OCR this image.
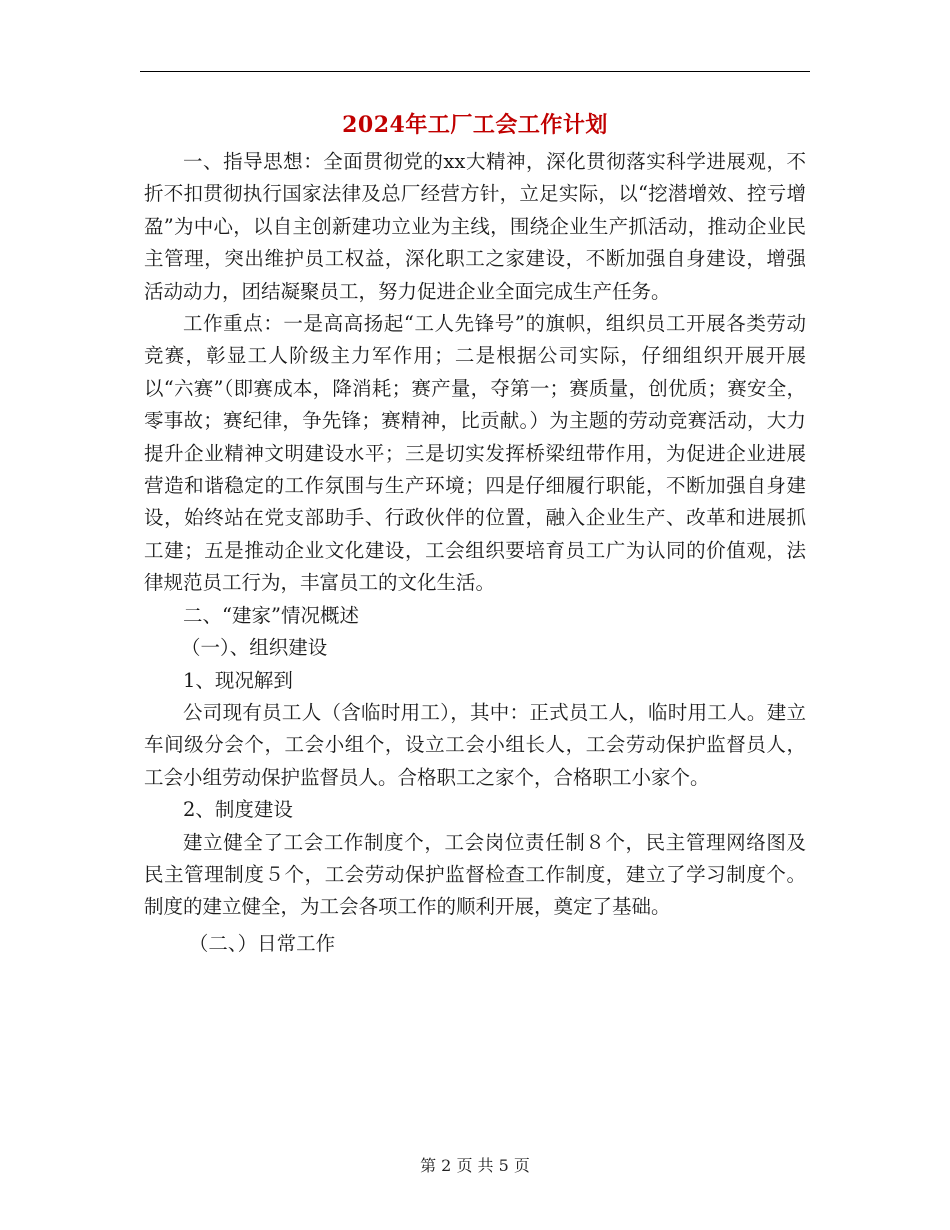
2024年工厂工会工作计划

一、指导思想：全面贯彻党的xx大精神，深化贯彻落实科学进展观，不折不扣贯彻执行国家法律及总厂经营方针，立足实际，以“挖潜增效、控亏增盈”为中心，以自主创新建功立业为主线，围绕企业生产抓活动，推动企业民主管理，突出维护员工权益，深化职工之家建设，不断加强自身建设，增强活动动力，团结凝聚员工，努力促进企业全面完成生产任务。

工作重点：一是高高扬起“工人先锋号”的旗帜，组织员工开展各类劳动竞赛，彰显工人阶级主力军作用；二是根据公司实际，仔细组织开展开展以“六赛”（即赛成本，降消耗；赛产量，夺第一；赛质量，创优质；赛安全，零事故；赛纪律，争先锋；赛精神，比贡献。）为主题的劳动竞赛活动，大力提升企业精神文明建设水平；三是切实发挥桥梁纽带作用，为促进企业进展营造和谐稳定的工作氛围与生产环境；四是仔细履行职能，不断加强自身建设，始终站在党支部助手、行政伙伴的位置，融入企业生产、改革和进展抓工建；五是推动企业文化建设，工会组织要培育员工广为认同的价值观，法律规范员工行为，丰富员工的文化生活。

二、“建家”情况概述

（一）、组织建设

1、现况解到

公司现有员工人（含临时用工），其中：正式员工人，临时用工人。建立车间级分会个，工会小组个，设立工会小组长人，工会劳动保护监督员人，工会小组劳动保护监督员人。合格职工之家个，合格职工小家个。

2、制度建设

建立健全了工会工作制度个，工会岗位责任制８个，民主管理网络图及民主管理制度５个，工会劳动保护监督检查工作制度，建立了学习制度个。制度的建立健全，为工会各项工作的顺利开展，奠定了基础。

（二、）日常工作

第 2 页 共 5 页
